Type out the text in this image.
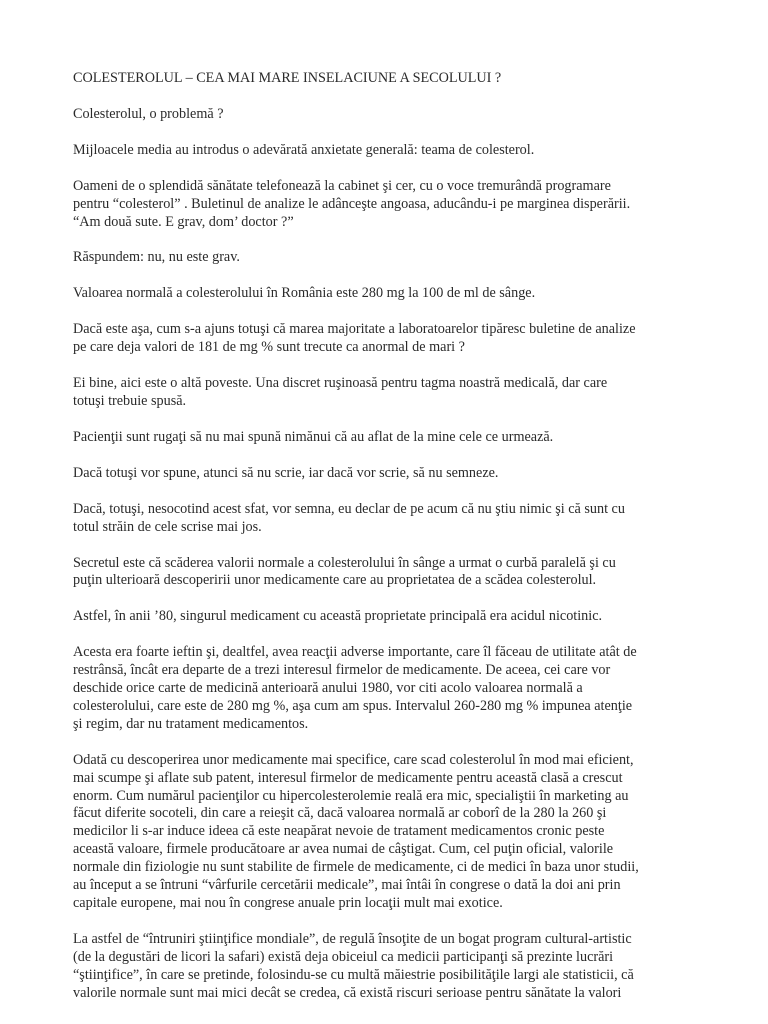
COLESTEROLUL – CEA MAI MARE INSELACIUNE A SECOLULUI ?

Colesterolul, o problemă ?

Mijloacele media au introdus o adevărată anxietate generală: teama de colesterol.

Oameni de o splendidă sănătate telefonează la cabinet şi cer, cu o voce tremurândă programare
pentru “colesterol” . Buletinul de analize le adânceşte angoasa, aducându-i pe marginea disperării.
“Am două sute. E grav, dom’ doctor ?”

Răspundem: nu, nu este grav.

Valoarea normală a colesterolului în România este 280 mg la 100 de ml de sânge.

Dacă este aşa, cum s-a ajuns totuşi că marea majoritate a laboratoarelor tipăresc buletine de analize
pe care deja valori de 181 de mg % sunt trecute ca anormal de mari ?

Ei bine, aici este o altă poveste. Una discret ruşinoasă pentru tagma noastră medicală, dar care
totuşi trebuie spusă.

Pacienţii sunt rugaţi să nu mai spună nimănui că au aflat de la mine cele ce urmează.

Dacă totuşi vor spune, atunci să nu scrie, iar dacă vor scrie, să nu semneze.

Dacă, totuşi, nesocotind acest sfat, vor semna, eu declar de pe acum că nu ştiu nimic şi că sunt cu
totul străin de cele scrise mai jos.

Secretul este că scăderea valorii normale a colesterolului în sânge a urmat o curbă paralelă şi cu
puţin ulterioară descoperirii unor medicamente care au proprietatea de a scădea colesterolul.

Astfel, în anii ’80, singurul medicament cu această proprietate principală era acidul nicotinic.

Acesta era foarte ieftin şi, dealtfel, avea reacţii adverse importante, care îl făceau de utilitate atât de
restrânsă, încât era departe de a trezi interesul firmelor de medicamente. De aceea, cei care vor
deschide orice carte de medicină anterioară anului 1980, vor citi acolo valoarea normală a
colesterolului, care este de 280 mg %, aşa cum am spus. Intervalul 260-280 mg % impunea atenţie
şi regim, dar nu tratament medicamentos.

Odată cu descoperirea unor medicamente mai specifice, care scad colesterolul în mod mai eficient,
mai scumpe şi aflate sub patent, interesul firmelor de medicamente pentru această clasă a crescut
enorm. Cum numărul pacienţilor cu hipercolesterolemie reală era mic, specialiştii în marketing au
făcut diferite socoteli, din care a reieşit că, dacă valoarea normală ar coborî de la 280 la 260 şi
medicilor li s-ar induce ideea că este neapărat nevoie de tratament medicamentos cronic peste
această valoare, firmele producătoare ar avea numai de câştigat. Cum, cel puţin oficial, valorile
normale din fiziologie nu sunt stabilite de firmele de medicamente, ci de medici în baza unor studii,
au început a se întruni “vârfurile cercetării medicale”, mai întâi în congrese o dată la doi ani prin
capitale europene, mai nou în congrese anuale prin locaţii mult mai exotice.

La astfel de “întruniri ştiinţifice mondiale”, de regulă însoţite de un bogat program cultural-artistic
(de la degustări de licori la safari) există deja obiceiul ca medicii participanţi să prezinte lucrări
“ştiinţifice”, în care se pretinde, folosindu-se cu multă măiestrie posibilităţile largi ale statisticii, că
valorile normale sunt mai mici decât se credea, că există riscuri serioase pentru sănătate la valori
